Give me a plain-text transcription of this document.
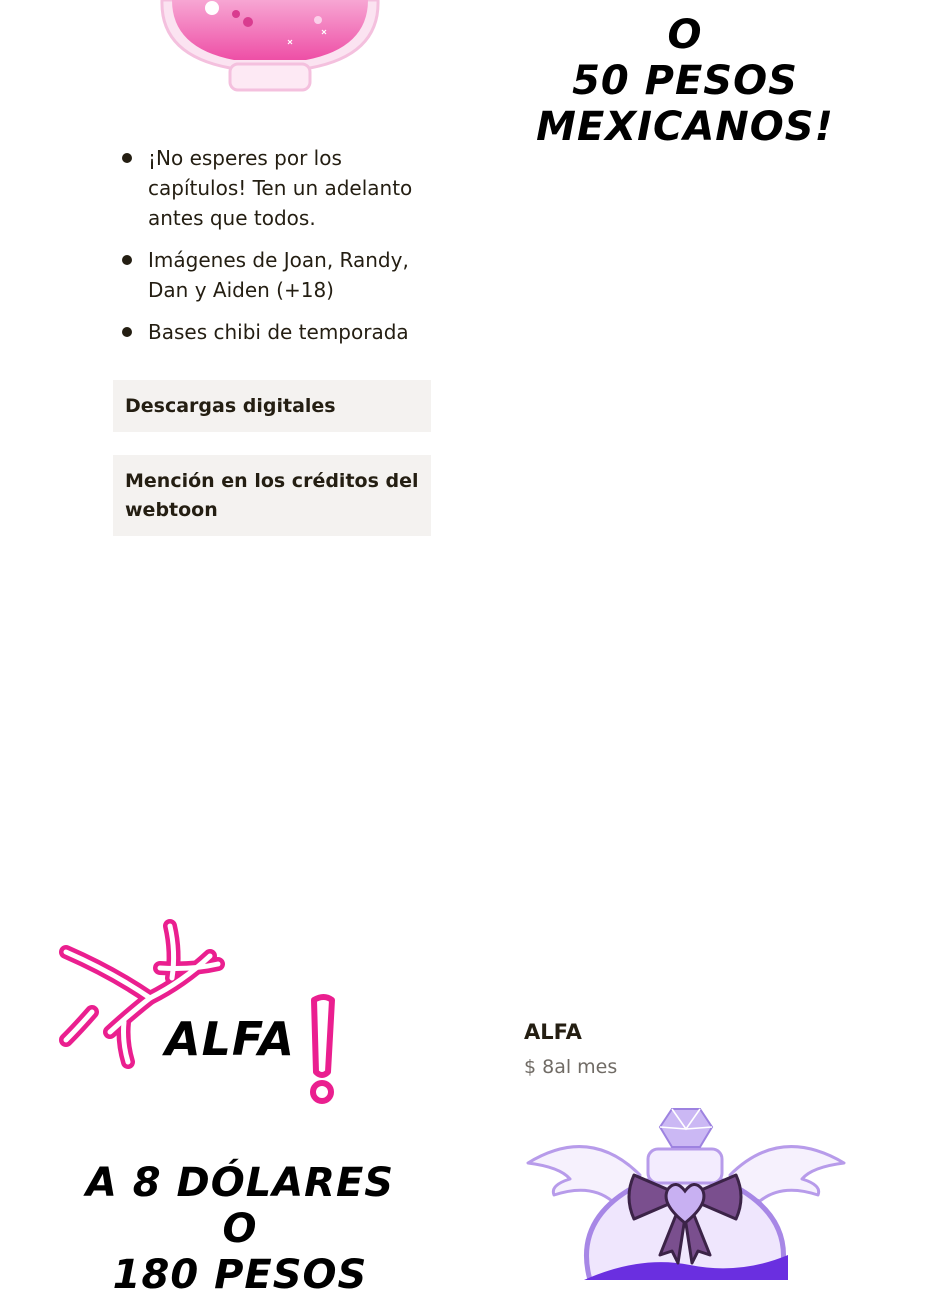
O
50 PESOS
MEXICANOS!
¡No esperes por los capítulos! Ten un adelanto antes que todos.
Imágenes de Joan, Randy, Dan y Aiden (+18)
Bases chibi de temporada
Descargas digitales
Mención en los créditos del webtoon
ALFA
A 8 DÓLARES
O
180 PESOS
ALFA
$ 8al mes
